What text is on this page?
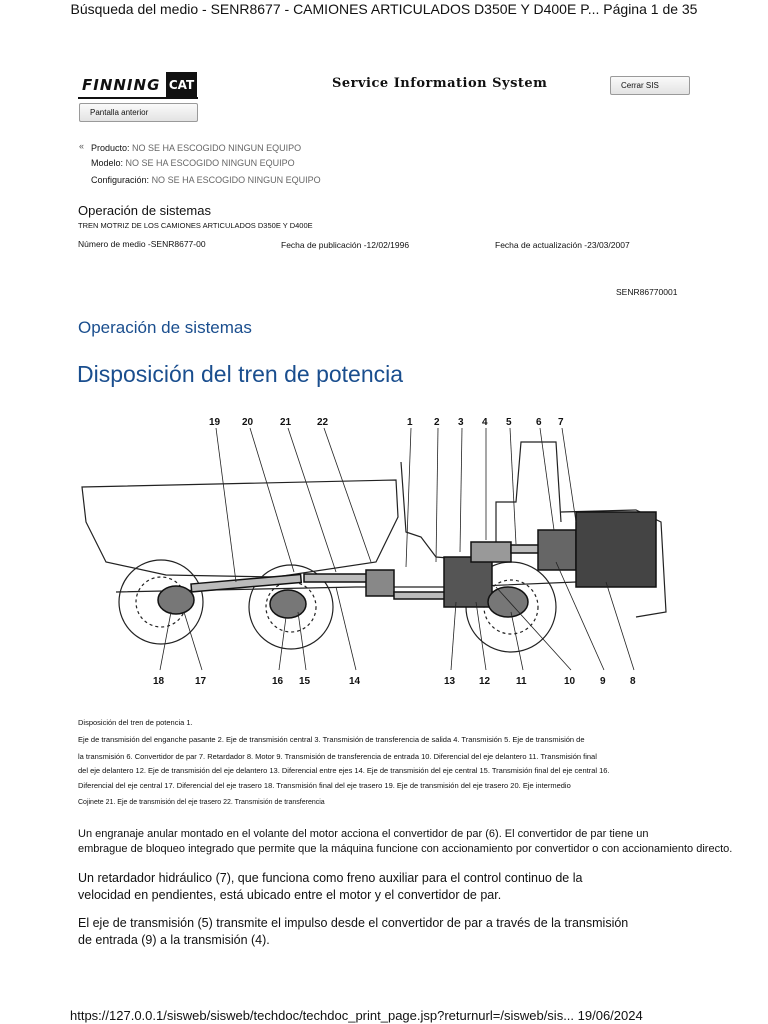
Búsqueda del medio - SENR8677 - CAMIONES ARTICULADOS D350E Y D400E P... Página 1 de 35
FINNING CAT	Service Information System	Cerrar SIS
Pantalla anterior
« Producto: NO SE HA ESCOGIDO NINGUN EQUIPO
Modelo: NO SE HA ESCOGIDO NINGUN EQUIPO
Configuración: NO SE HA ESCOGIDO NINGUN EQUIPO
Operación de sistemas
TREN MOTRIZ DE LOS CAMIONES ARTICULADOS D350E Y D400E
Número de medio -SENR8677-00	Fecha de publicación -12/02/1996	Fecha de actualización -23/03/2007
SENR86770001
Operación de sistemas
Disposición del tren de potencia
19 20	21	22	1 2 3 4 5 6 7
18	17	16 15	14	13 12	11	10 9 8
Disposición del tren de potencia 1.
Eje de transmisión del enganche pasante 2. Eje de transmisión central 3. Transmisión de transferencia de salida 4. Transmisión 5. Eje de transmisión de
la transmisión 6. Convertidor de par 7. Retardador 8. Motor 9. Transmisión de transferencia de entrada 10. Diferencial del eje delantero 11. Transmisión final
del eje delantero 12. Eje de transmisión del eje delantero 13. Diferencial entre ejes 14. Eje de transmisión del eje central 15. Transmisión final del eje central 16.
Diferencial del eje central 17. Diferencial del eje trasero 18. Transmisión final del eje trasero 19. Eje de transmisión del eje trasero 20. Eje intermedio
Cojinete 21. Eje de transmisión del eje trasero 22. Transmisión de transferencia
Un engranaje anular montado en el volante del motor acciona el convertidor de par (6). El convertidor de par tiene un
embrague de bloqueo integrado que permite que la máquina funcione con accionamiento por convertidor o con accionamiento directo.
Un retardador hidráulico (7), que funciona como freno auxiliar para el control continuo de la
velocidad en pendientes, está ubicado entre el motor y el convertidor de par.
El eje de transmisión (5) transmite el impulso desde el convertidor de par a través de la transmisión
de entrada (9) a la transmisión (4).
https://127.0.0.1/sisweb/sisweb/techdoc/techdoc_print_page.jsp?returnurl=/sisweb/sis... 19/06/2024
